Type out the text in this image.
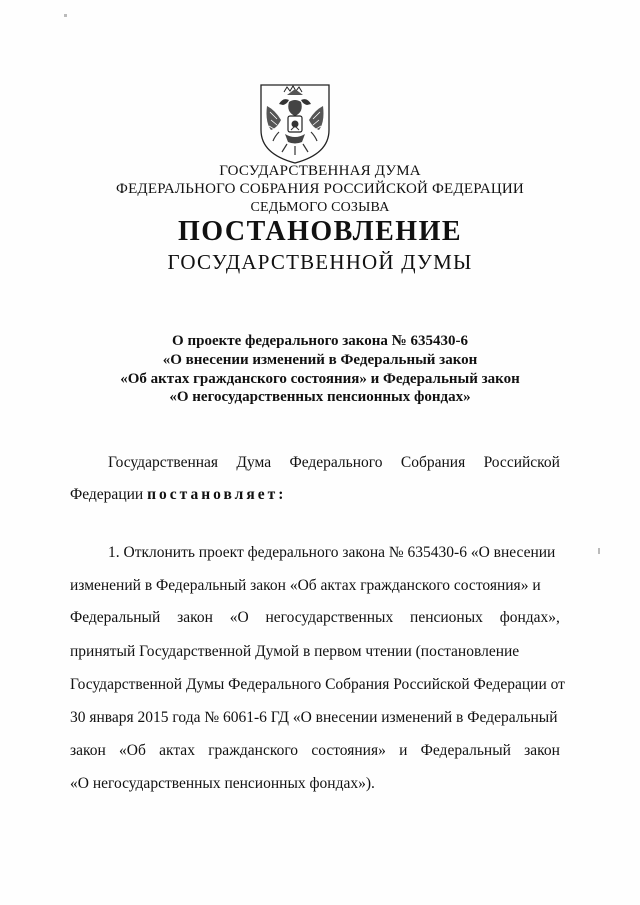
ГОСУДАРСТВЕННАЯ ДУМА
ФЕДЕРАЛЬНОГО СОБРАНИЯ РОССИЙСКОЙ ФЕДЕРАЦИИ
СЕДЬМОГО СОЗЫВА
ПОСТАНОВЛЕНИЕ
ГОСУДАРСТВЕННОЙ ДУМЫ
О проекте федерального закона № 635430-6
«О внесении изменений в Федеральный закон
«Об актах гражданского состояния» и Федеральный закон
«О негосударственных пенсионных фондах»
Государственная Дума Федерального Собрания Российской
Федерации постановляет:
1. Отклонить проект федерального закона № 635430-6 «О внесении
изменений в Федеральный закон «Об актах гражданского состояния» и
Федеральный закон «О негосударственных пенсионых фондах»,
принятый Государственной Думой в первом чтении (постановление
Государственной Думы Федерального Собрания Российской Федерации от
30 января 2015 года № 6061-6 ГД «О внесении изменений в Федеральный
закон «Об актах гражданского состояния» и Федеральный закон
«О негосударственных пенсионных фондах»).
